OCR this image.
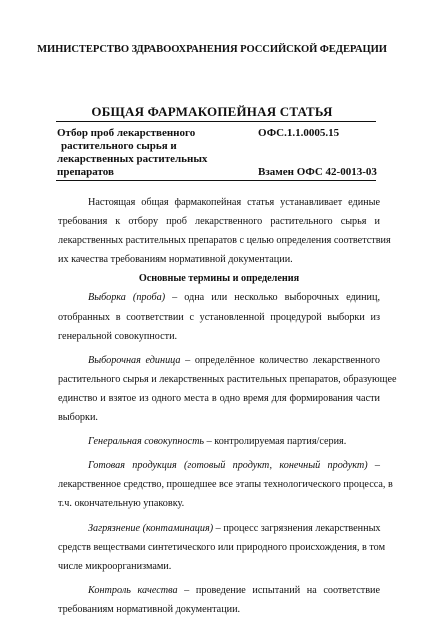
МИНИСТЕРСТВО ЗДРАВООХРАНЕНИЯ РОССИЙСКОЙ ФЕДЕРАЦИИ
ОБЩАЯ ФАРМАКОПЕЙНАЯ СТАТЬЯ
Отбор проб лекарственного
растительного сырья и
лекарственных растительных
препаратов
ОФС.1.1.0005.15
Взамен ОФС 42-0013-03
Настоящая общая фармакопейная статья устанавливает единые
требования к отбору проб лекарственного растительного сырья и
лекарственных растительных препаратов с целью определения соответствия
их качества требованиям нормативной документации.
Основные термины и определения
Выборка (проба) – одна или несколько выборочных единиц,
отобранных в соответствии с установленной процедурой выборки из
генеральной совокупности.
Выборочная единица – определённое количество лекарственного
растительного сырья и лекарственных растительных препаратов, образующее
единство и взятое из одного места в одно время для формирования части
выборки.
Генеральная совокупность – контролируемая партия/серия.
Готовая продукция (готовый продукт, конечный продукт) –
лекарственное средство, прошедшее все этапы технологического процесса, в
т.ч. окончательную упаковку.
Загрязнение (контаминация) – процесс загрязнения лекарственных
средств веществами синтетического или природного происхождения, в том
числе микроорганизмами.
Контроль качества – проведение испытаний на соответствие
требованиям нормативной документации.
